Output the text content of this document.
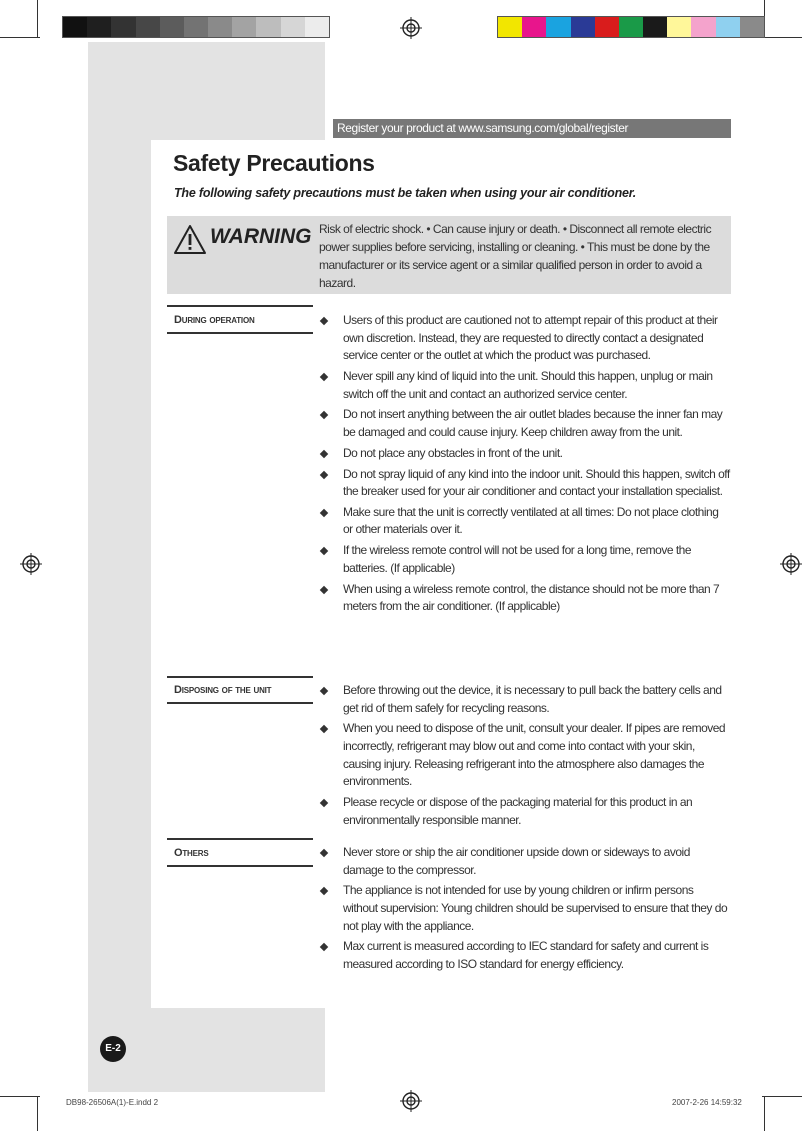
Register your product at www.samsung.com/global/register
Safety Precautions
The following safety precautions must be taken when using your air conditioner.
WARNING Risk of electric shock. • Can cause injury or death. • Disconnect all remote electric power supplies before servicing, installing or cleaning. • This must be done by the manufacturer or its service agent or a similar qualified person in order to avoid a hazard.

During operation	Users of this product are cautioned not to attempt repair of this product at their own discretion. Instead, they are requested to directly contact a designated service center or the outlet at which the product was purchased.
Never spill any kind of liquid into the unit. Should this happen, unplug or main switch off the unit and contact an authorized service center.
Do not insert anything between the air outlet blades because the inner fan may be damaged and could cause injury. Keep children away from the unit.
Do not place any obstacles in front of the unit.
Do not spray liquid of any kind into the indoor unit. Should this happen, switch off the breaker used for your air conditioner and contact your installation specialist.
Make sure that the unit is correctly ventilated at all times: Do not place clothing or other materials over it.
If the wireless remote control will not be used for a long time, remove the batteries. (If applicable)
When using a wireless remote control, the distance should not be more than 7 meters from the air conditioner. (If applicable)
Disposing of the unit	Before throwing out the device, it is necessary to pull back the battery cells and get rid of them safely for recycling reasons.
When you need to dispose of the unit, consult your dealer. If pipes are removed incorrectly, refrigerant may blow out and come into contact with your skin, causing injury. Releasing refrigerant into the atmosphere also damages the environments.
Please recycle or dispose of the packaging material for this product in an environmentally responsible manner.
Others	Never store or ship the air conditioner upside down or sideways to avoid damage to the compressor.
The appliance is not intended for use by young children or infirm persons without supervision: Young children should be supervised to ensure that they do not play with the appliance.
Max current is measured according to IEC standard for safety and current is measured according to ISO standard for energy efficiency.
E-2
DB98-26506A(1)-E.indd 2	2007-2-26 14:59:32
